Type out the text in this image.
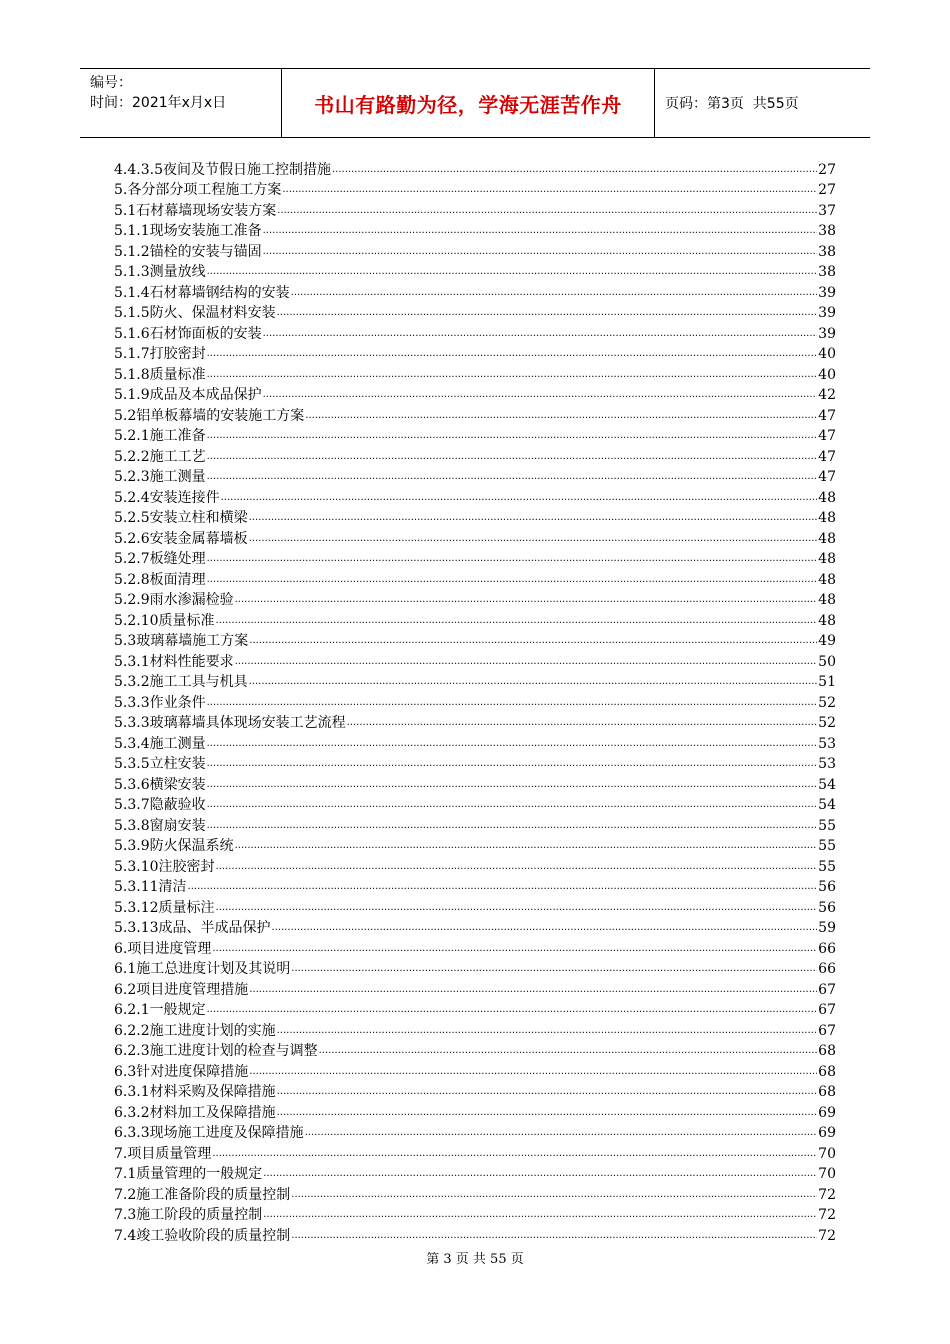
编号：
时间：2021年x月x日	书山有路勤为径，学海无涯苦作舟	页码：第3页  共55页
4.4.3.5夜间及节假日施工控制措施 .....	27
5.各分部分项工程施工方案 .....	27
5.1石材幕墙现场安装方案 .....	37
5.1.1现场安装施工准备 .....	38
5.1.2锚栓的安装与锚固 .....	38
5.1.3测量放线 .....	38
5.1.4石材幕墙钢结构的安装 .....	39
5.1.5防火、保温材料安装 .....	39
5.1.6石材饰面板的安装 .....	39
5.1.7打胶密封 .....	40
5.1.8质量标准 .....	40
5.1.9成品及本成品保护 .....	42
5.2铝单板幕墙的安装施工方案 .....	47
5.2.1施工准备 .....	47
5.2.2施工工艺 .....	47
5.2.3施工测量 .....	47
5.2.4安装连接件 .....	48
5.2.5安装立柱和横梁 .....	48
5.2.6安装金属幕墙板 .....	48
5.2.7板缝处理 .....	48
5.2.8板面清理 .....	48
5.2.9雨水渗漏检验 .....	48
5.2.10质量标准 .....	48
5.3玻璃幕墙施工方案 .....	49
5.3.1材料性能要求 .....	50
5.3.2施工工具与机具 .....	51
5.3.3作业条件 .....	52
5.3.3玻璃幕墙具体现场安装工艺流程 .....	52
5.3.4施工测量 .....	53
5.3.5立柱安装 .....	53
5.3.6横梁安装 .....	54
5.3.7隐蔽验收 .....	54
5.3.8窗扇安装 .....	55
5.3.9防火保温系统 .....	55
5.3.10注胶密封 .....	55
5.3.11清洁 .....	56
5.3.12质量标注 .....	56
5.3.13成品、半成品保护 .....	59
6.项目进度管理 .....	66
6.1施工总进度计划及其说明 .....	66
6.2项目进度管理措施 .....	67
6.2.1一般规定 .....	67
6.2.2施工进度计划的实施 .....	67
6.2.3施工进度计划的检查与调整 .....	68
6.3针对进度保障措施 .....	68
6.3.1材料采购及保障措施 .....	68
6.3.2材料加工及保障措施 .....	69
6.3.3现场施工进度及保障措施 .....	69
7.项目质量管理 .....	70
7.1质量管理的一般规定 .....	70
7.2施工准备阶段的质量控制 .....	72
7.3施工阶段的质量控制 .....	72
7.4竣工验收阶段的质量控制 .....	72
第 3 页 共 55 页
